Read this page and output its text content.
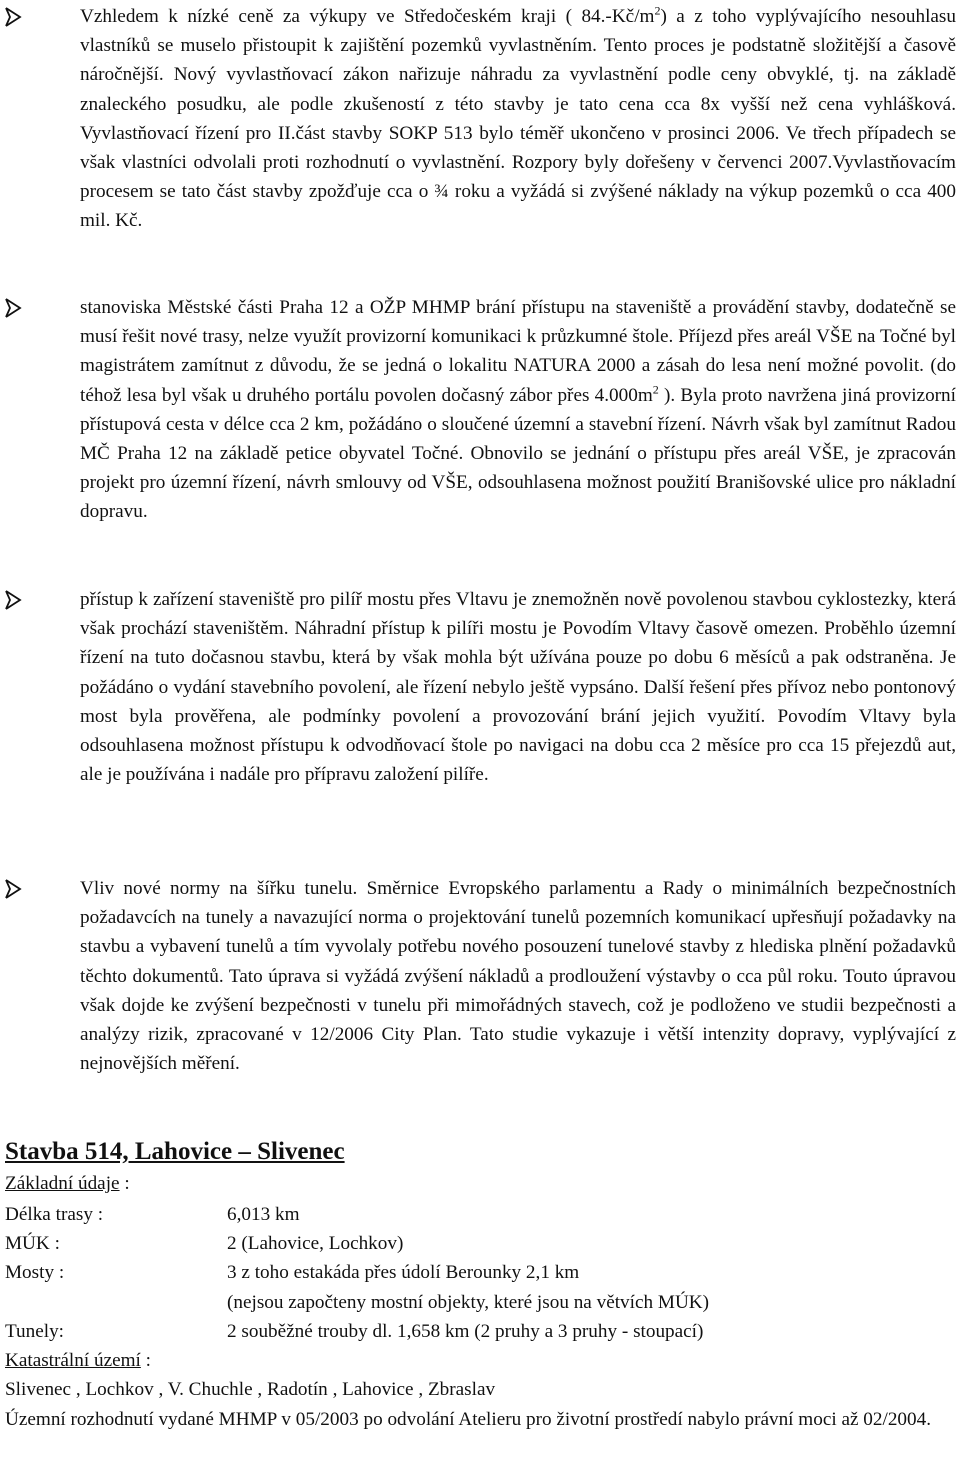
Vzhledem k nízké ceně za výkupy ve Středočeském kraji ( $84.-Kč/m^2$) a z toho vyplývajícího nesouhlasu vlastníků se muselo přistoupit k zajištění pozemků vyvlastněním. Tento proces je podstatně složitější a časově náročnější. Nový vyvlastňovací zákon nařizuje náhradu za vyvlastnění podle ceny obvyklé, tj. na základě znaleckého posudku, ale podle zkušeností z této stavby je tato cena cca 8x vyšší než cena vyhlášková. Vyvlastňovací řízení pro II.část stavby SOKP 513 bylo téměř ukončeno v prosinci 2006. Ve třech případech se však vlastníci odvolali proti rozhodnutí o vyvlastnění. Rozpory byly dořešeny v červenci 2007.Vyvlastňovacím procesem se tato část stavby zpožďuje cca o ¾ roku a vyžádá si zvýšené náklady na výkup pozemků o cca 400 mil. Kč.
stanoviska Městské části Praha 12 a OŽP MHMP brání přístupu na staveniště a provádění stavby, dodatečně se musí řešit nové trasy, nelze využít provizorní komunikaci k průzkumné štole. Příjezd přes areál VŠE na Točné byl magistrátem zamítnut z důvodu, že se jedná o lokalitu NATURA 2000 a zásah do lesa není možné povolit. (do téhož lesa byl však u druhého portálu povolen dočasný zábor přes $4.000m^2$ ). Byla proto navržena jiná provizorní přístupová cesta v délce cca 2 km, požádáno o sloučené územní a stavební řízení. Návrh však byl zamítnut Radou MČ Praha 12 na základě petice obyvatel Točné. Obnovilo se jednání o přístupu přes areál VŠE, je zpracován projekt pro územní řízení, návrh smlouvy od VŠE, odsouhlasena možnost použití Branišovské ulice pro nákladní dopravu.
přístup k zařízení staveniště pro pilíř mostu přes Vltavu je znemožněn nově povolenou stavbou cyklostezky, která však prochází staveništěm. Náhradní přístup k pilíři mostu je Povodím Vltavy časově omezen. Proběhlo územní řízení na tuto dočasnou stavbu, která by však mohla být užívána pouze po dobu 6 měsíců a pak odstraněna. Je požádáno o vydání stavebního povolení, ale řízení nebylo ještě vypsáno. Další řešení přes přívoz nebo pontonový most byla prověřena, ale podmínky povolení a provozování brání jejich využití. Povodím Vltavy byla odsouhlasena možnost přístupu k odvodňovací štole po navigaci na dobu cca 2 měsíce pro cca 15 přejezdů aut, ale je používána i nadále pro přípravu založení pilíře.
Vliv nové normy na šířku tunelu. Směrnice Evropského parlamentu a Rady o minimálních bezpečnostních požadavcích na tunely a navazující norma o projektování tunelů pozemních komunikací upřesňují požadavky na stavbu a vybavení tunelů a tím vyvolaly potřebu nového posouzení tunelové stavby z hlediska plnění požadavků těchto dokumentů. Tato úprava si vyžádá zvýšení nákladů a prodloužení výstavby o cca půl roku. Touto úpravou však dojde ke zvýšení bezpečnosti v tunelu při mimořádných stavech, což je podloženo ve studii bezpečnosti a analýzy rizik, zpracované v 12/2006 City Plan. Tato studie vykazuje i větší intenzity dopravy, vyplývající z nejnovějších měření.
Stavba 514, Lahovice – Slivenec
Základní údaje :
Délka trasy :	6,013 km
MÚK :	2 (Lahovice, Lochkov)
Mosty :	3 z toho estakáda přes údolí Berounky 2,1 km
(nejsou započteny mostní objekty, které jsou na větvích MÚK)
Tunely:	2 souběžné trouby dl. 1,658 km (2 pruhy a 3 pruhy - stoupací)
Katastrální území :
Slivenec , Lochkov , V. Chuchle , Radotín , Lahovice , Zbraslav
Územní rozhodnutí vydané MHMP v 05/2003 po odvolání Atelieru pro životní prostředí nabylo právní moci až 02/2004.
